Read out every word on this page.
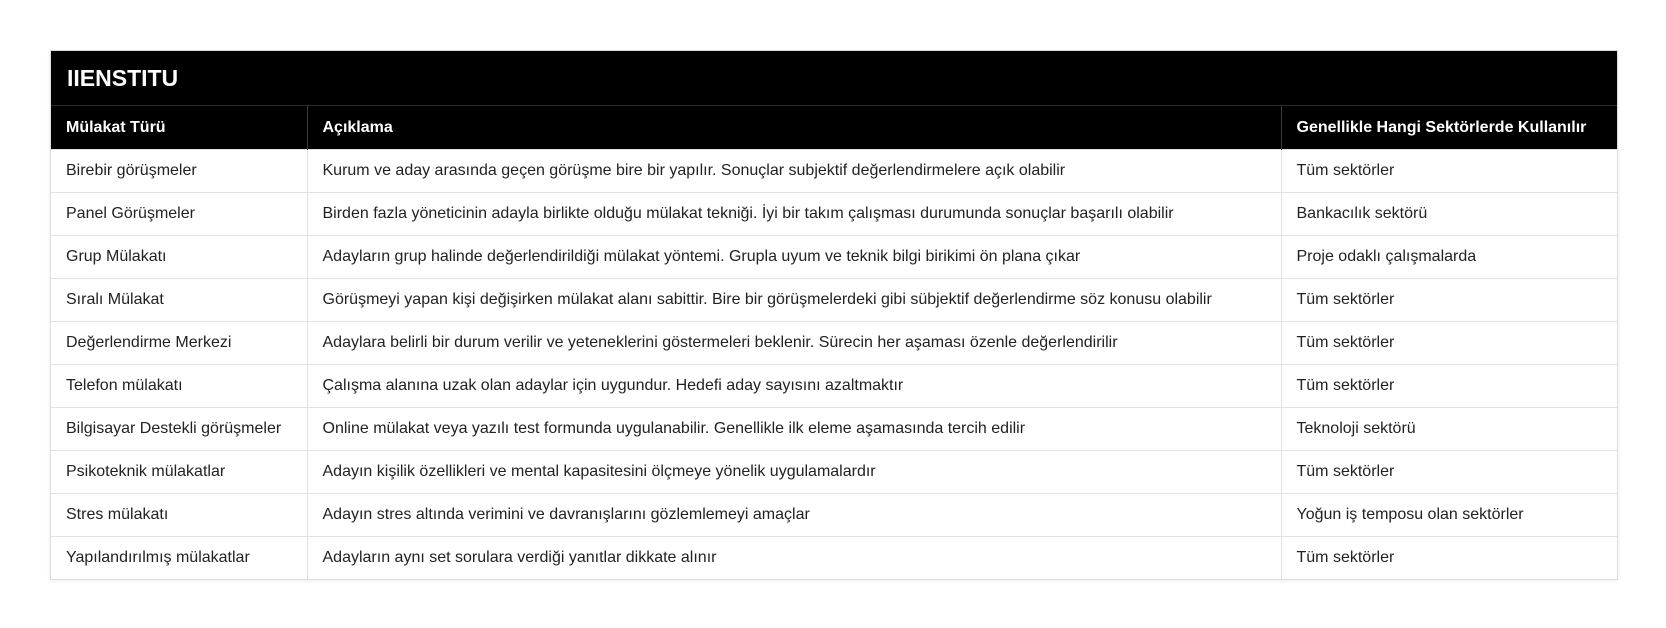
IIENSTITU
Mülakat Türü	Açıklama	Genellikle Hangi Sektörlerde Kullanılır
Birebir görüşmeler	Kurum ve aday arasında geçen görüşme bire bir yapılır. Sonuçlar subjektif değerlendirmelere açık olabilir	Tüm sektörler
Panel Görüşmeler	Birden fazla yöneticinin adayla birlikte olduğu mülakat tekniği. İyi bir takım çalışması durumunda sonuçlar başarılı olabilir	Bankacılık sektörü
Grup Mülakatı	Adayların grup halinde değerlendirildiği mülakat yöntemi. Grupla uyum ve teknik bilgi birikimi ön plana çıkar	Proje odaklı çalışmalarda
Sıralı Mülakat	Görüşmeyi yapan kişi değişirken mülakat alanı sabittir. Bire bir görüşmelerdeki gibi sübjektif değerlendirme söz konusu olabilir	Tüm sektörler
Değerlendirme Merkezi	Adaylara belirli bir durum verilir ve yeteneklerini göstermeleri beklenir. Sürecin her aşaması özenle değerlendirilir	Tüm sektörler
Telefon mülakatı	Çalışma alanına uzak olan adaylar için uygundur. Hedefi aday sayısını azaltmaktır	Tüm sektörler
Bilgisayar Destekli görüşmeler	Online mülakat veya yazılı test formunda uygulanabilir. Genellikle ilk eleme aşamasında tercih edilir	Teknoloji sektörü
Psikoteknik mülakatlar	Adayın kişilik özellikleri ve mental kapasitesini ölçmeye yönelik uygulamalardır	Tüm sektörler
Stres mülakatı	Adayın stres altında verimini ve davranışlarını gözlemlemeyi amaçlar	Yoğun iş temposu olan sektörler
Yapılandırılmış mülakatlar	Adayların aynı set sorulara verdiği yanıtlar dikkate alınır	Tüm sektörler
